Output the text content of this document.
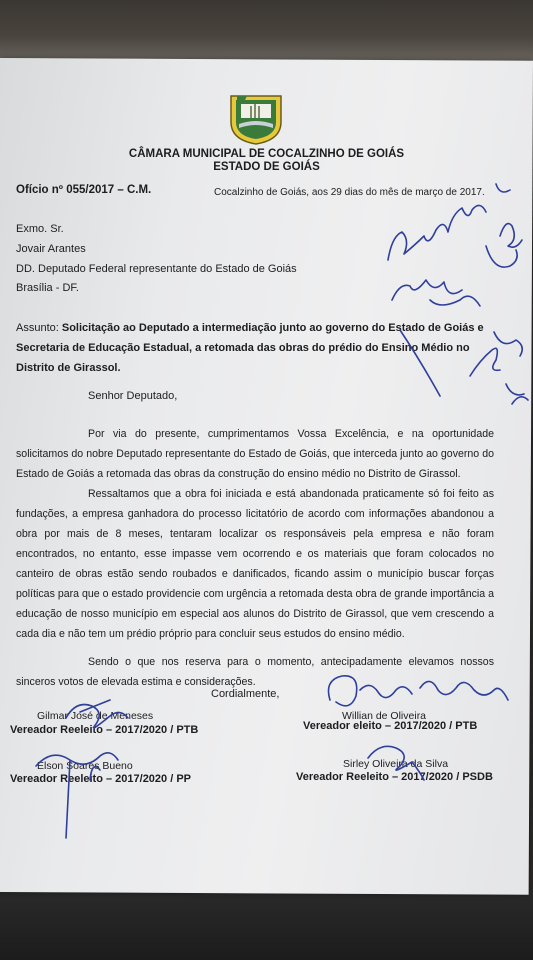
CÂMARA MUNICIPAL DE COCALZINHO DE GOIÁS
ESTADO DE GOIÁS
Ofício nº 055/2017 – C.M.	Cocalzinho de Goiás, aos 29 dias do mês de março de 2017.
Exmo. Sr.
Jovair Arantes
DD. Deputado Federal representante do Estado de Goiás
Brasília - DF.
Assunto: Solicitação ao Deputado a intermediação junto ao governo do Estado de Goiás e Secretaria de Educação Estadual, a retomada das obras do prédio do Ensino Médio no Distrito de Girassol.
Senhor Deputado,
Por via do presente, cumprimentamos Vossa Excelência, e na oportunidade solicitamos do nobre Deputado representante do Estado de Goiás, que interceda junto ao governo do Estado de Goiás a retomada das obras da construção do ensino médio no Distrito de Girassol.
Ressaltamos que a obra foi iniciada e está abandonada praticamente só foi feito as fundações, a empresa ganhadora do processo licitatório de acordo com informações abandonou a obra por mais de 8 meses, tentaram localizar os responsáveis pela empresa e não foram encontrados, no entanto, esse impasse vem ocorrendo e os materiais que foram colocados no canteiro de obras estão sendo roubados e danificados, ficando assim o município buscar forças políticas para que o estado providencie com urgência a retomada desta obra de grande importância a educação de nosso município em especial aos alunos do Distrito de Girassol, que vem crescendo a cada dia e não tem um prédio próprio para concluir seus estudos do ensino médio.
Sendo o que nos reserva para o momento, antecipadamente elevamos nossos sinceros votos de elevada estima e considerações.
Cordialmente,
Gilmar José de Meneses
Vereador Reeleito – 2017/2020 / PTB
Willian de Oliveira
Vereador eleito – 2017/2020 / PTB
Elson Soares Bueno
Vereador Reeleito – 2017/2020 / PP
Sirley Oliveira da Silva
Vereador Reeleito – 2017/2020 / PSDB
